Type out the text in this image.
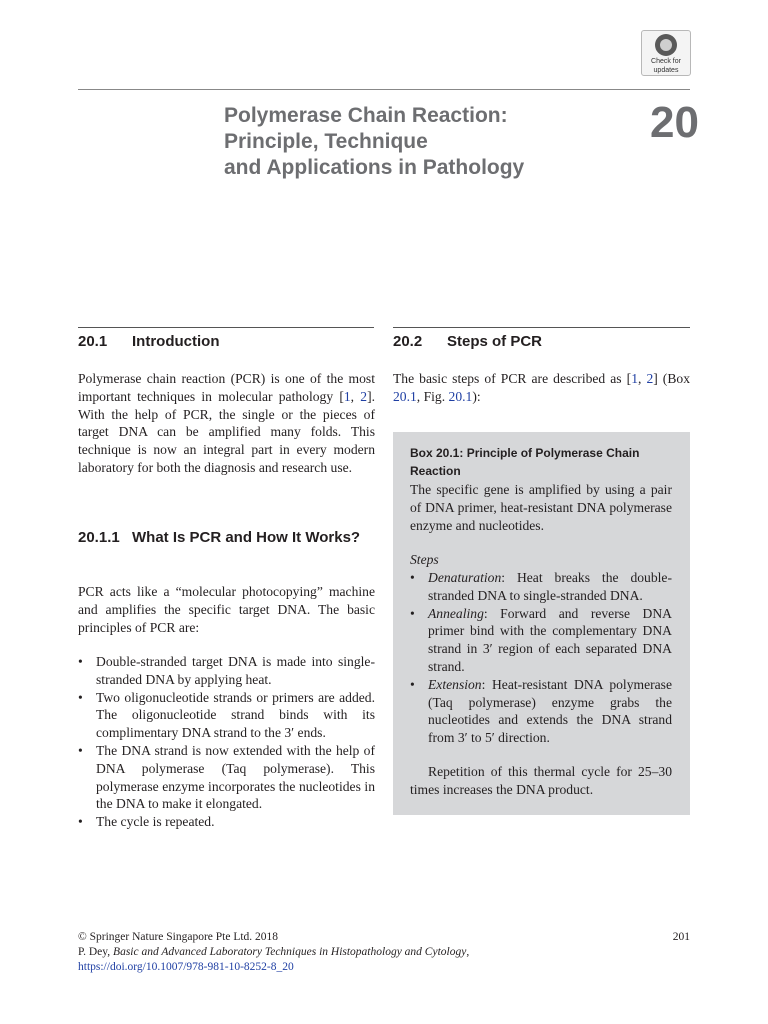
Check for
updates
Polymerase Chain Reaction:
Principle, Technique
and Applications in Pathology
20
20.1 Introduction
Polymerase chain reaction (PCR) is one of the most important techniques in molecular pathology [1, 2]. With the help of PCR, the single or the pieces of target DNA can be amplified many folds. This technique is now an integral part in every modern laboratory for both the diagnosis and research use.
20.1.1 What Is PCR and How It Works?
PCR acts like a “molecular photocopying” machine and amplifies the specific target DNA. The basic principles of PCR are:
• Double-stranded target DNA is made into single-stranded DNA by applying heat.
• Two oligonucleotide strands or primers are added. The oligonucleotide strand binds with its complimentary DNA strand to the 3′ ends.
• The DNA strand is now extended with the help of DNA polymerase (Taq polymerase). This polymerase enzyme incorporates the nucleotides in the DNA to make it elongated.
• The cycle is repeated.
20.2 Steps of PCR
The basic steps of PCR are described as [1, 2] (Box 20.1, Fig. 20.1):
Box 20.1: Principle of Polymerase Chain Reaction
The specific gene is amplified by using a pair of DNA primer, heat-resistant DNA polymerase enzyme and nucleotides.
Steps
• Denaturation: Heat breaks the double-stranded DNA to single-stranded DNA.
• Annealing: Forward and reverse DNA primer bind with the complementary DNA strand in 3′ region of each separated DNA strand.
• Extension: Heat-resistant DNA polymerase (Taq polymerase) enzyme grabs the nucleotides and extends the DNA strand from 3′ to 5′ direction.
Repetition of this thermal cycle for 25–30 times increases the DNA product.
© Springer Nature Singapore Pte Ltd. 2018
P. Dey, Basic and Advanced Laboratory Techniques in Histopathology and Cytology,
https://doi.org/10.1007/978-981-10-8252-8_20
201
